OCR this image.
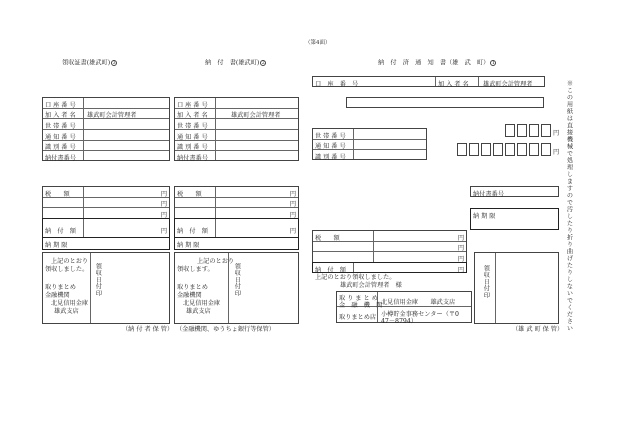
（第4面）
領収証書(雄武町) 3
口 座 番 号
加 入 者 名 雄武町会計管理者
世 帯 番 号
通 知 番 号
識 別 番 号
納付書番号
税　　額	円
円
円
納　付　額	円
納 期 限
上記のとおり
領収しました。
取りまとめ
金融機関
北見信用金庫
雄武支店
領収日付印
（納 付 者 保 管）
納　付　書(雄武町) 2
口 座 番 号
加 入 者 名	雄武町会計管理者
世 帯 番 号
通 知 番 号
識 別 番 号
納付書番号
税　　額	円
円
円
納　付　額	円
納 期 限
上記のとおり
領収します。
取りまとめ
金融機関
北見信用金庫
雄武支店
領収日付印
（金融機関、ゆうちょ銀行等保管）
納　付　済　通　知　書（雄　武　町） 1
口　座　番　号	加 入 者 名 雄武町会計管理者
円
世 帯 番 号
通 知 番 号
識 別 番 号
円
納付書番号
納 期 限
税　　額	円
円
円
納　付　額	円
上記のとおり領収しました。
雄武町会計管理者　様
取 り ま と め
金　融　機　関
北見信用金庫　　雄武支店
取りまとめ店 小樽貯金事務センター（〒0
47－8794）
領収日付印
（雄 武 町 保 管） ※この用紙は直接機械で処理しますので汚したり折り曲げたりしないでください
